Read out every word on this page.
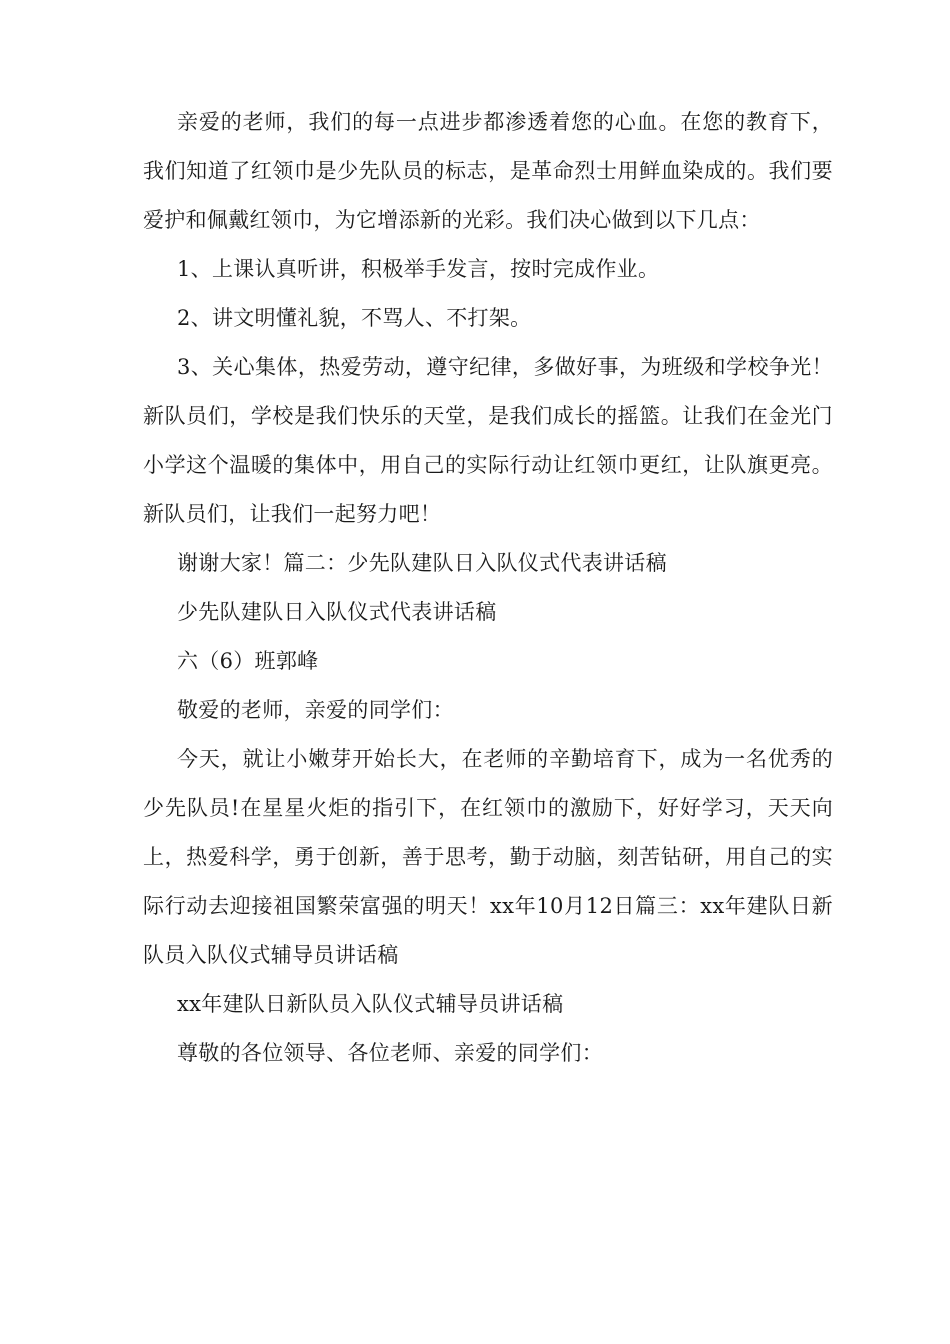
亲爱的老师，我们的每一点进步都渗透着您的心血。在您的教育下，我们知道了红领巾是少先队员的标志，是革命烈士用鲜血染成的。我们要爱护和佩戴红领巾，为它增添新的光彩。我们决心做到以下几点：

1、上课认真听讲，积极举手发言，按时完成作业。

2、讲文明懂礼貌，不骂人、不打架。

3、关心集体，热爱劳动，遵守纪律，多做好事，为班级和学校争光！新队员们，学校是我们快乐的天堂，是我们成长的摇篮。让我们在金光门小学这个温暖的集体中，用自己的实际行动让红领巾更红，让队旗更亮。新队员们，让我们一起努力吧！

谢谢大家！篇二：少先队建队日入队仪式代表讲话稿

少先队建队日入队仪式代表讲话稿

六（6）班郭峰

敬爱的老师，亲爱的同学们：

今天，就让小嫩芽开始长大，在老师的辛勤培育下，成为一名优秀的少先队员!在星星火炬的指引下，在红领巾的激励下，好好学习，天天向上，热爱科学，勇于创新，善于思考，勤于动脑，刻苦钻研，用自己的实际行动去迎接祖国繁荣富强的明天！xx年10月12日篇三：xx年建队日新队员入队仪式辅导员讲话稿

xx年建队日新队员入队仪式辅导员讲话稿

尊敬的各位领导、各位老师、亲爱的同学们：
